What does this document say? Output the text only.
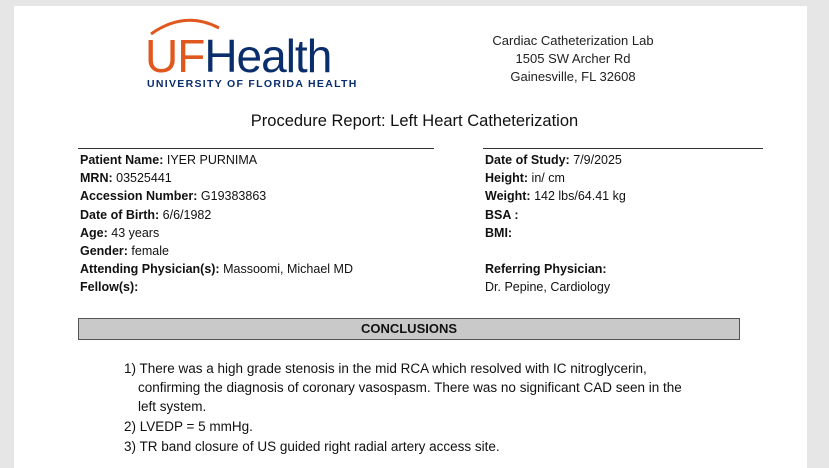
UFHealth
UNIVERSITY OF FLORIDA HEALTH
Cardiac Catheterization Lab
1505 SW Archer Rd
Gainesville, FL 32608
Procedure Report: Left Heart Catheterization
Patient Name: IYER PURNIMA
MRN: 03525441
Accession Number: G19383863
Date of Birth: 6/6/1982
Age: 43 years
Gender: female
Attending Physician(s): Massoomi, Michael MD
Fellow(s):
Date of Study: 7/9/2025
Height: in/ cm
Weight: 142 lbs/64.41 kg
BSA :
BMI:

Referring Physician:
Dr. Pepine, Cardiology
CONCLUSIONS
1) There was a high grade stenosis in the mid RCA which resolved with IC nitroglycerin, confirming the diagnosis of coronary vasospasm. There was no significant CAD seen in the left system.
2) LVEDP = 5 mmHg.
3) TR band closure of US guided right radial artery access site.
